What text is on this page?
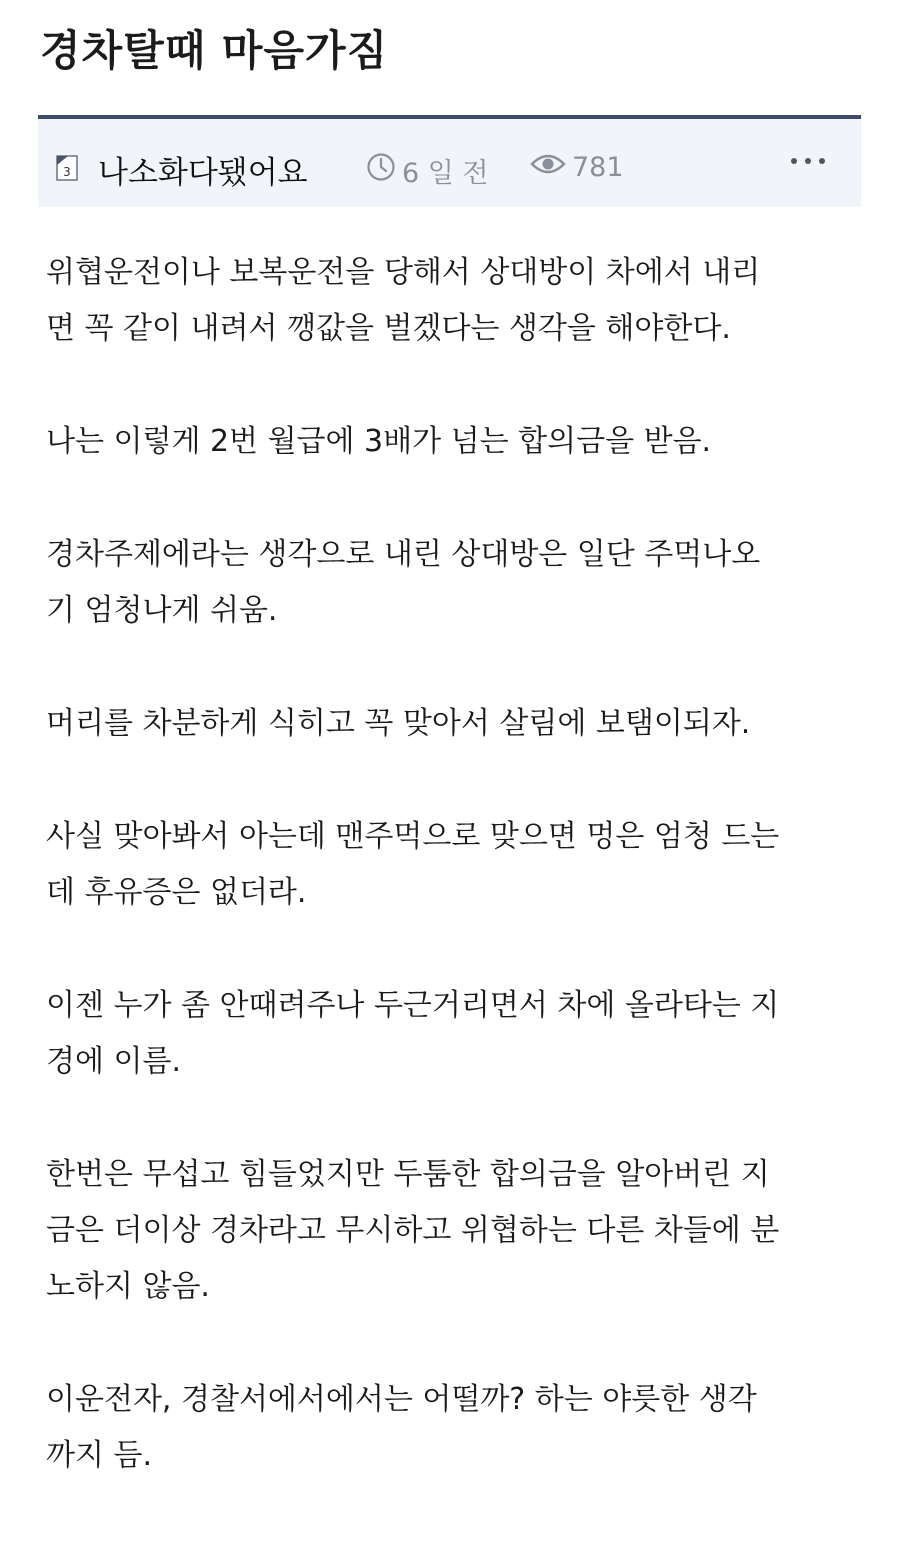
경차탈때 마음가짐
3 나소화다됐어요	6 일 전	781

위협운전이나 보복운전을 당해서 상대방이 차에서 내리
면 꼭 같이 내려서 깽값을 벌겠다는 생각을 해야한다.

나는 이렇게 2번 월급에 3배가 넘는 합의금을 받음.

경차주제에라는 생각으로 내린 상대방은 일단 주먹나오
기 엄청나게 쉬움.

머리를 차분하게 식히고 꼭 맞아서 살림에 보탬이되자.

사실 맞아봐서 아는데 맨주먹으로 맞으면 멍은 엄청 드는
데 후유증은 없더라.

이젠 누가 좀 안때려주나 두근거리면서 차에 올라타는 지
경에 이름.

한번은 무섭고 힘들었지만 두툼한 합의금을 알아버린 지
금은 더이상 경차라고 무시하고 위협하는 다른 차들에 분
노하지 않음.

이운전자, 경찰서에서에서는 어떨까? 하는 야릇한 생각
까지 듬.
